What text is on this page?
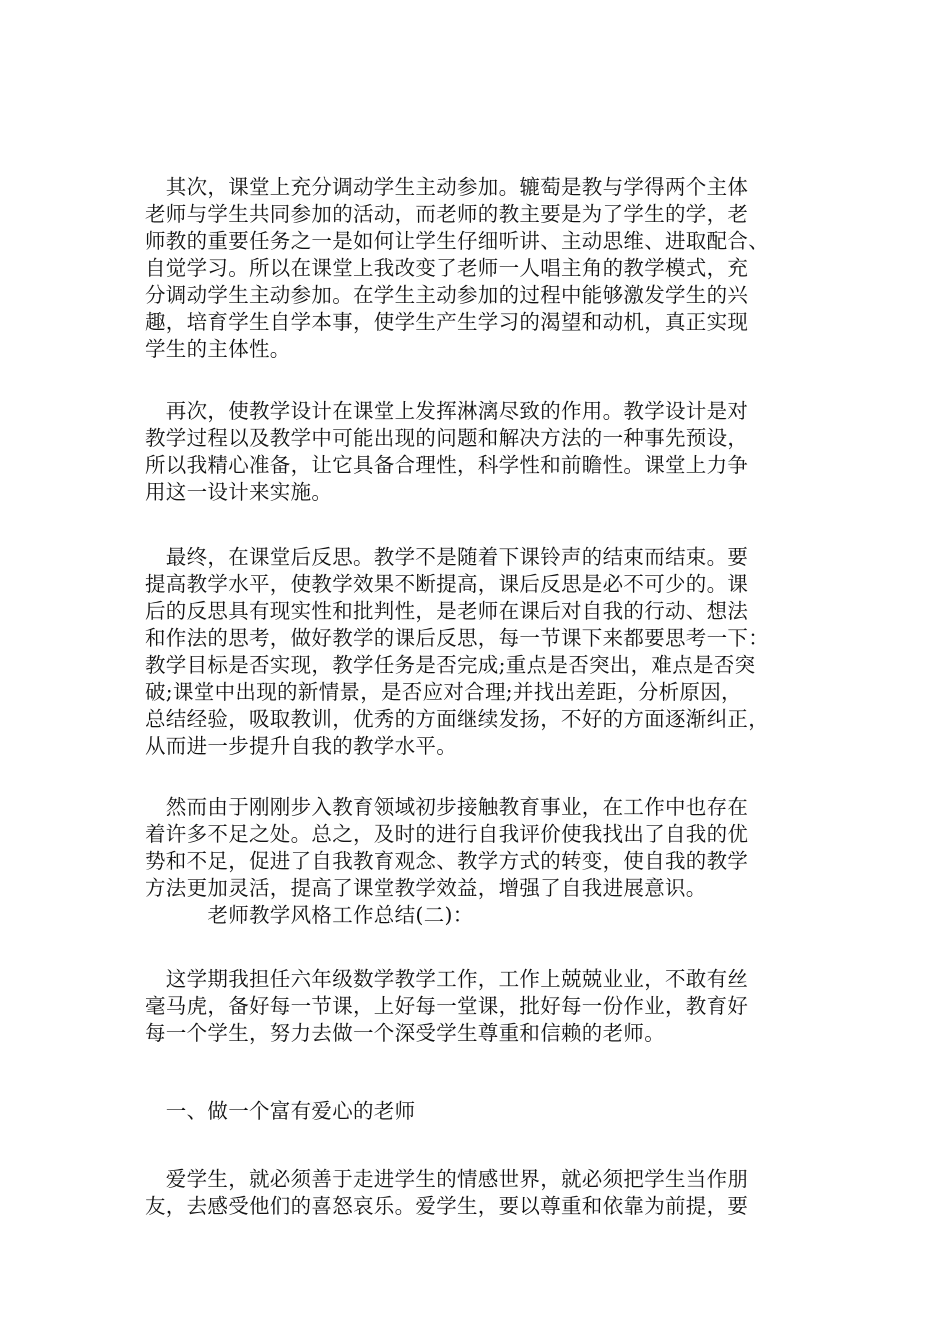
　其次，课堂上充分调动学生主动参加。辘萄是教与学得两个主体
老师与学生共同参加的活动，而老师的教主要是为了学生的学，老
师教的重要任务之一是如何让学生仔细听讲、主动思维、进取配合、
自觉学习。所以在课堂上我改变了老师一人唱主角的教学模式，充
分调动学生主动参加。在学生主动参加的过程中能够激发学生的兴
趣，培育学生自学本事，使学生产生学习的渴望和动机，真正实现
学生的主体性。
　再次，使教学设计在课堂上发挥淋漓尽致的作用。教学设计是对
教学过程以及教学中可能出现的问题和解决方法的一种事先预设，
所以我精心准备，让它具备合理性，科学性和前瞻性。课堂上力争
用这一设计来实施。
　最终，在课堂后反思。教学不是随着下课铃声的结束而结束。要
提高教学水平，使教学效果不断提高，课后反思是必不可少的。课
后的反思具有现实性和批判性，是老师在课后对自我的行动、想法
和作法的思考，做好教学的课后反思，每一节课下来都要思考一下：
教学目标是否实现，教学任务是否完成;重点是否突出，难点是否突
破;课堂中出现的新情景，是否应对合理;并找出差距，分析原因，
总结经验，吸取教训，优秀的方面继续发扬，不好的方面逐渐纠正，
从而进一步提升自我的教学水平。
　然而由于刚刚步入教育领域初步接触教育事业，在工作中也存在
着许多不足之处。总之，及时的进行自我评价使我找出了自我的优
势和不足，促进了自我教育观念、教学方式的转变，使自我的教学
方法更加灵活，提高了课堂教学效益，增强了自我进展意识。
　　　老师教学风格工作总结(二)：
　这学期我担任六年级数学教学工作，工作上兢兢业业，不敢有丝
毫马虎，备好每一节课，上好每一堂课，批好每一份作业，教育好
每一个学生，努力去做一个深受学生尊重和信赖的老师。
　一、做一个富有爱心的老师
　爱学生，就必须善于走进学生的情感世界，就必须把学生当作朋
友，去感受他们的喜怒哀乐。爱学生，要以尊重和依靠为前提，要
